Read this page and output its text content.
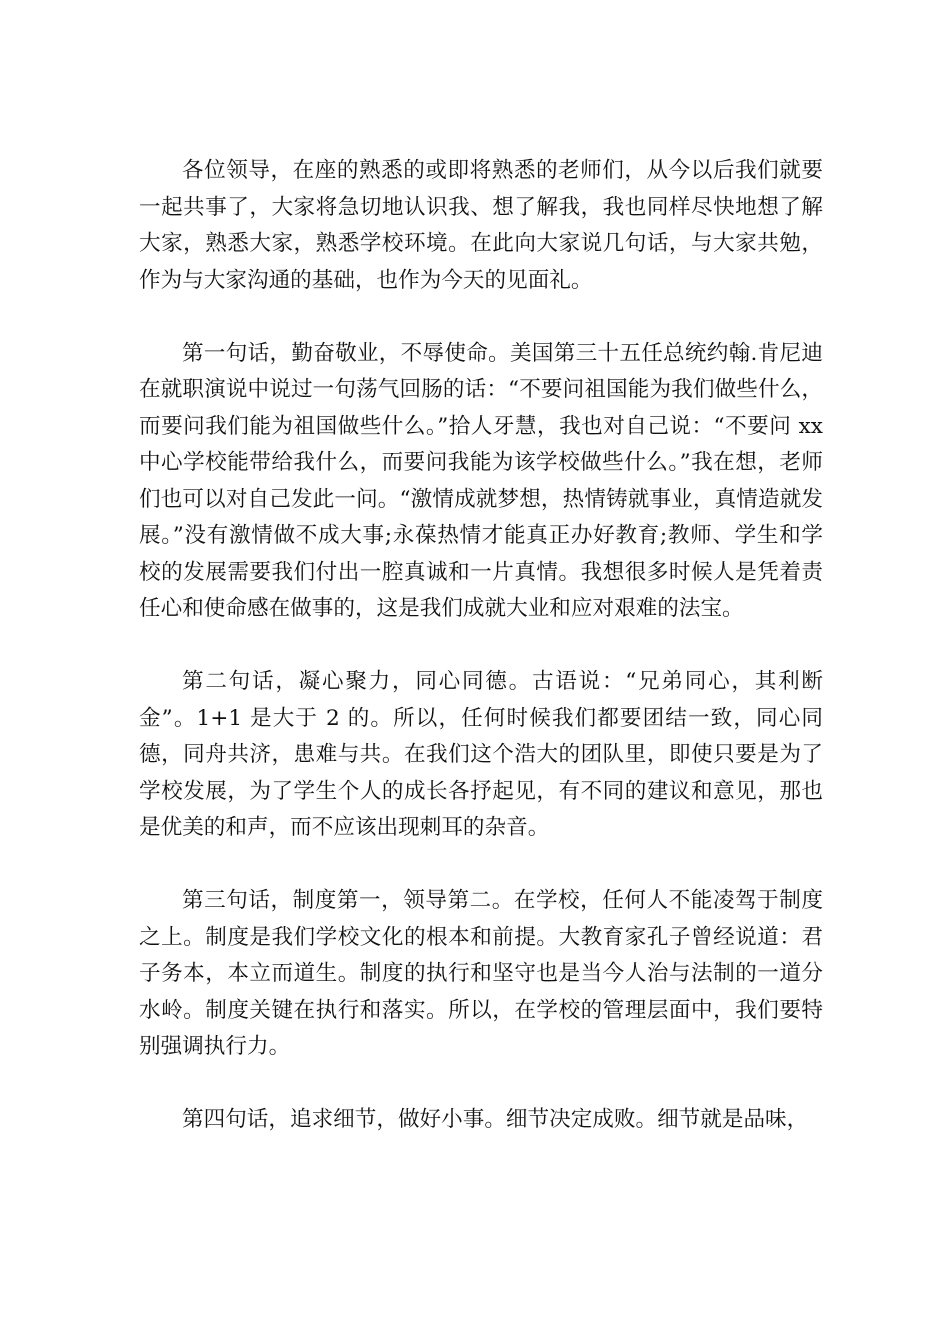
各位领导，在座的熟悉的或即将熟悉的老师们，从今以后我们就要一起共事了，大家将急切地认识我、想了解我，我也同样尽快地想了解大家，熟悉大家，熟悉学校环境。在此向大家说几句话，与大家共勉，作为与大家沟通的基础，也作为今天的见面礼。

第一句话，勤奋敬业，不辱使命。美国第三十五任总统约翰.肯尼迪在就职演说中说过一句荡气回肠的话：“不要问祖国能为我们做些什么，而要问我们能为祖国做些什么。”拾人牙慧，我也对自己说：“不要问 xx 中心学校能带给我什么，而要问我能为该学校做些什么。”我在想，老师们也可以对自己发此一问。“激情成就梦想，热情铸就事业，真情造就发展。”没有激情做不成大事;永葆热情才能真正办好教育;教师、学生和学校的发展需要我们付出一腔真诚和一片真情。我想很多时候人是凭着责任心和使命感在做事的，这是我们成就大业和应对艰难的法宝。

第二句话，凝心聚力，同心同德。古语说：“兄弟同心，其利断金”。1+1 是大于 2 的。所以，任何时候我们都要团结一致，同心同德，同舟共济，患难与共。在我们这个浩大的团队里，即使只要是为了学校发展，为了学生个人的成长各抒起见，有不同的建议和意见，那也是优美的和声，而不应该出现刺耳的杂音。

第三句话，制度第一，领导第二。在学校，任何人不能凌驾于制度之上。制度是我们学校文化的根本和前提。大教育家孔子曾经说道：君子务本，本立而道生。制度的执行和坚守也是当今人治与法制的一道分水岭。制度关键在执行和落实。所以，在学校的管理层面中，我们要特别强调执行力。

第四句话，追求细节，做好小事。细节决定成败。细节就是品味，
